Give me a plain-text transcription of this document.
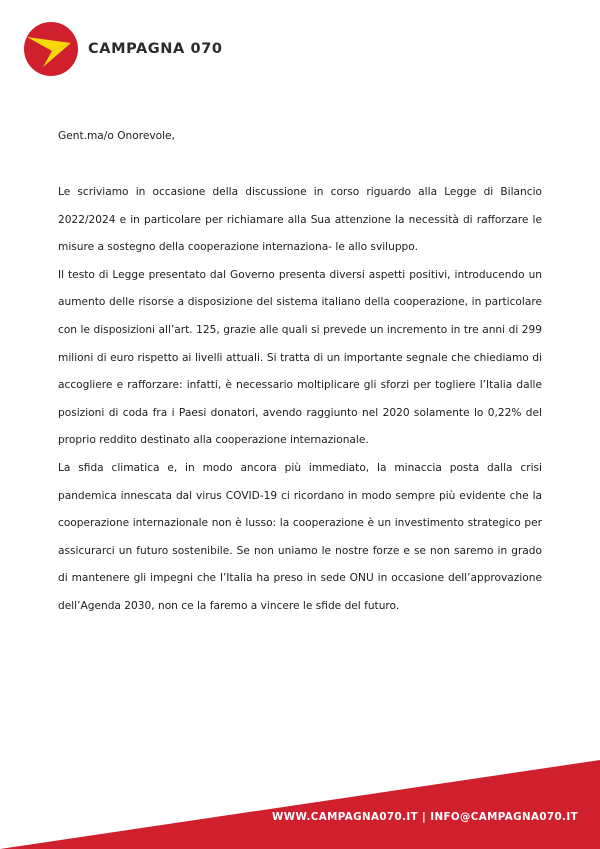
CAMPAGNA 070
Gent.ma/o Onorevole,

Le scriviamo in occasione della discussione in corso riguardo alla Legge di Bilancio 2022/2024 e in particolare per richiamare alla Sua attenzione la necessità di rafforzare le misure a sostegno della cooperazione internaziona- le allo sviluppo.

Il testo di Legge presentato dal Governo presenta diversi aspetti positivi, introducendo un aumento delle risorse a disposizione del sistema italiano della cooperazione, in particolare con le disposizioni all’art. 125, grazie alle quali si prevede un incremento in tre anni di 299 milioni di euro rispetto ai livelli attuali. Si tratta di un importante segnale che chiediamo di accogliere e rafforzare: infatti, è necessario moltiplicare gli sforzi per togliere l’Italia dalle posizioni di coda fra i Paesi donatori, avendo raggiunto nel 2020 solamente lo 0,22% del proprio reddito destinato alla cooperazione internazionale.

La sfida climatica e, in modo ancora più immediato, la minaccia posta dalla crisi pandemica innescata dal virus COVID-19 ci ricordano in modo sempre più evidente che la cooperazione internazionale non è lusso: la cooperazione è un investimento strategico per assicurarci un futuro sostenibile. Se non uniamo le nostre forze e se non saremo in grado di mantenere gli impegni che l’Italia ha preso in sede ONU in occasione dell’approvazione dell’Agenda 2030, non ce la faremo a vincere le sfide del futuro.

WWW.CAMPAGNA070.IT | INFO@CAMPAGNA070.IT
